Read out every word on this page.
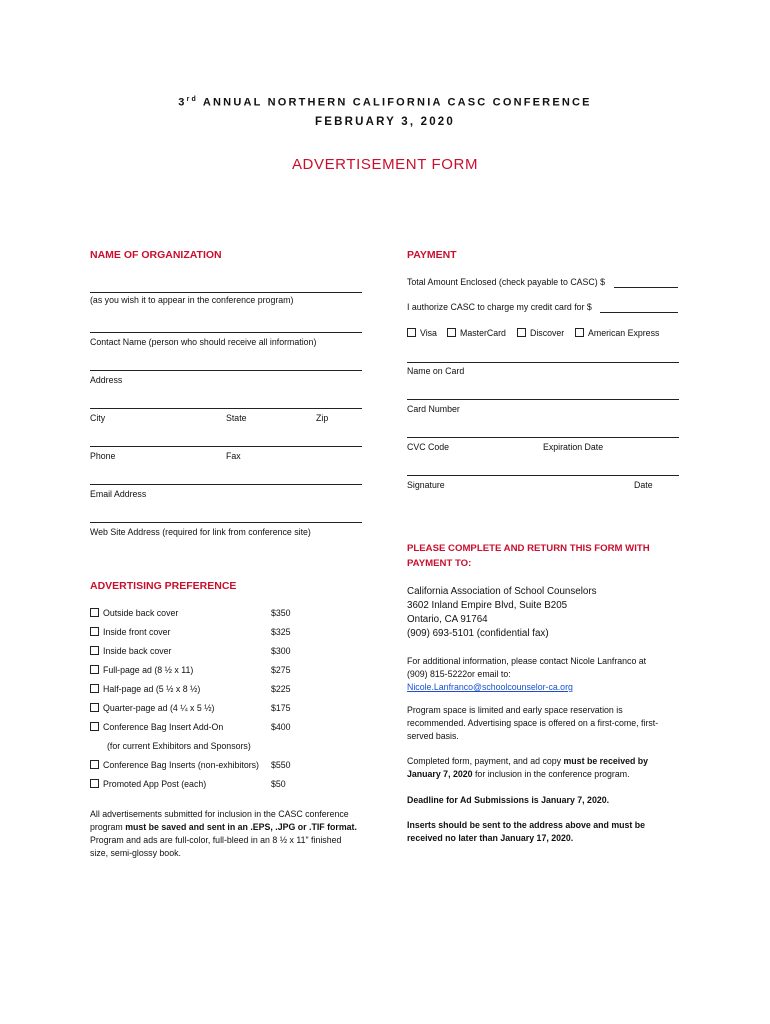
3rd ANNUAL NORTHERN CALIFORNIA CASC CONFERENCE
FEBRUARY 3, 2020
ADVERTISEMENT FORM
NAME OF ORGANIZATION
(as you wish it to appear in the conference program)
Contact Name (person who should receive all information)
Address
City	State	Zip
Phone	Fax
Email Address
Web Site Address (required for link from conference site)
PAYMENT
Total Amount Enclosed (check payable to CASC) $
I authorize CASC to charge my credit card for $
Visa	MasterCard	Discover	American Express
Name on Card
Card Number
CVC Code	Expiration Date
Signature	Date
PLEASE COMPLETE AND RETURN THIS FORM WITH
PAYMENT TO:
California Association of School Counselors
3602 Inland Empire Blvd, Suite B205
Ontario, CA 91764
(909) 693-5101 (confidential fax)
For additional information, please contact Nicole Lanfranco at
(909) 815-5222or email to:
Nicole.Lanfranco@schoolcounselor-ca.org
Program space is limited and early space reservation is
recommended. Advertising space is offered on a first-come, first-
served basis.
Completed form, payment, and ad copy must be received by
January 7, 2020 for inclusion in the conference program.
Deadline for Ad Submissions is January 7, 2020.
Inserts should be sent to the address above and must be
received no later than January 17, 2020.
ADVERTISING PREFERENCE
Outside back cover	$350
Inside front cover	$325
Inside back cover	$300
Full-page ad (8 ½ x 11)	$275
Half-page ad (5 ½ x 8 ½)	$225
Quarter-page ad (4 ¼ x 5 ½)	$175
Conference Bag Insert Add-On	$400
(for current Exhibitors and Sponsors)
Conference Bag Inserts (non-exhibitors) $550
Promoted App Post (each)	$50
All advertisements submitted for inclusion in the CASC conference
program must be saved and sent in an .EPS, .JPG or .TIF format.
Program and ads are full-color, full-bleed in an 8 ½ x 11" finished
size, semi-glossy book.
